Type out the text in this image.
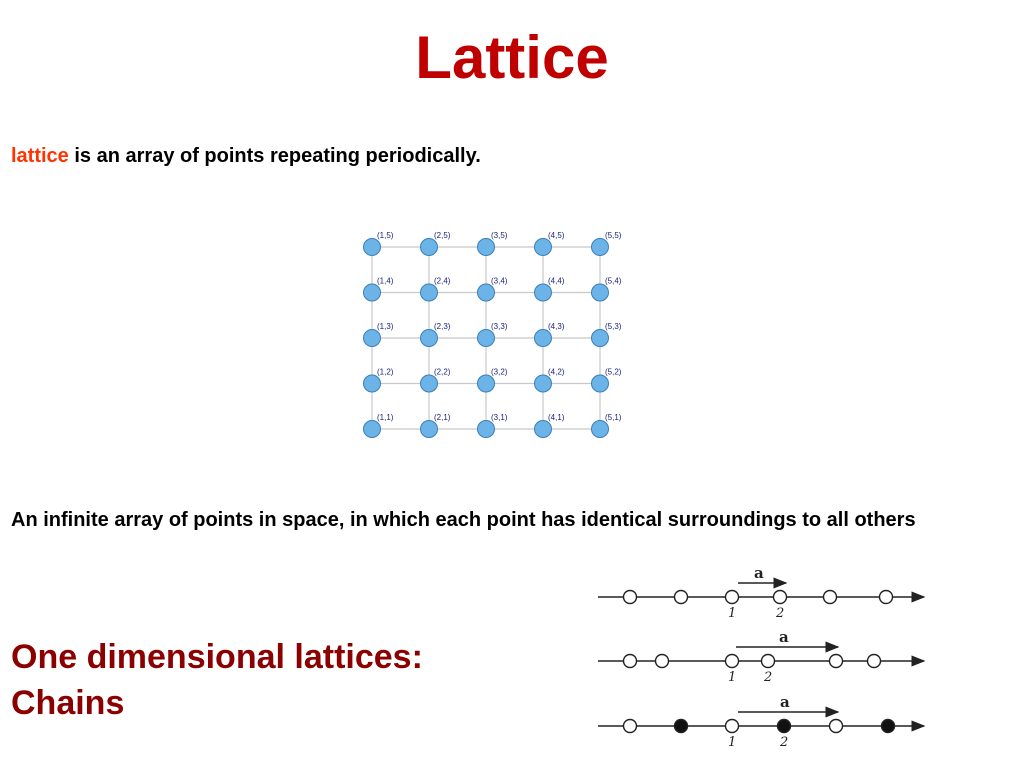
Lattice
lattice is an array of points repeating periodically.
(1,5)	(2,5)	(3,5)	(4,5)	(5,5)
(1,4)	(2,4)	(3,4)	(4,4)	(5,4)
(1,3)	(2,3)	(3,3)	(4,3)	(5,3)
(1,2)	(2,2)	(3,2)	(4,2)	(5,2)
(1,1)	(2,1)	(3,1)	(4,1)	(5,1)
An infinite array of points in space, in which each point has identical surroundings to all others
One dimensional lattices:
Chains
a
1	2
a
1 2
a
1	2
